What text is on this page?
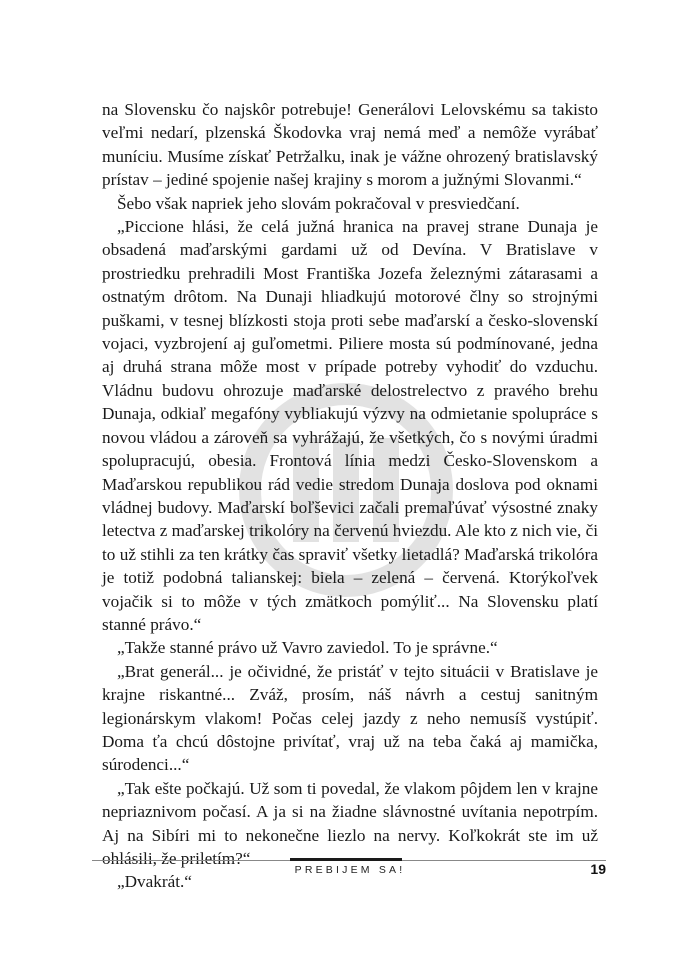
na Slovensku čo najskôr potrebuje! Generálovi Lelovskému sa takisto veľmi nedarí, plzenská Škodovka vraj nemá meď a nemôže vyrábať muníciu. Musíme získať Petržalku, inak je vážne ohrozený bratislavský prístav – jediné spojenie našej krajiny s morom a južnými Slovanmi.“

Šebo však napriek jeho slovám pokračoval v presviedčaní.

„Piccione hlási, že celá južná hranica na pravej strane Dunaja je obsadená maďarskými gardami už od Devína. V Bratislave v prostriedku prehradili Most Františka Jozefa železnými zátarasami a ostnatým drôtom. Na Dunaji hliadkujú motorové člny so strojnými puškami, v tesnej blízkosti stoja proti sebe maďarskí a česko-slovenskí vojaci, vyzbrojení aj guľometmi. Piliere mosta sú podmínované, jedna aj druhá strana môže most v prípade potreby vyhodiť do vzduchu. Vládnu budovu ohrozuje maďarské delostrelectvo z pravého brehu Dunaja, odkiaľ megafóny vybliakujú výzvy na odmietanie spolupráce s novou vládou a zároveň sa vyhrážajú, že všetkých, čo s novými úradmi spolupracujú, obesia. Frontová línia medzi Česko-Slovenskom a Maďarskou republikou rád vedie stredom Dunaja doslova pod oknami vládnej budovy. Maďarskí boľševici začali premaľúvať výsostné znaky letectva z maďarskej trikolóry na červenú hviezdu. Ale kto z nich vie, či to už stihli za ten krátky čas spraviť všetky lietadlá? Maďarská trikolóra je totiž podobná talianskej: biela – zelená – červená. Ktorýkoľvek vojačik si to môže v tých zmätkoch pomýliť... Na Slovensku platí stanné právo.“

„Takže stanné právo už Vavro zaviedol. To je správne.“

„Brat generál... je očividné, že pristáť v tejto situácii v Bratislave je krajne riskantné... Zváž, prosím, náš návrh a cestuj sanitným legionárskym vlakom! Počas celej jazdy z neho nemusíš vystúpiť. Doma ťa chcú dôstojne privítať, vraj už na teba čaká aj mamička, súrodenci...“

„Tak ešte počkajú. Už som ti povedal, že vlakom pôjdem len v krajne nepriaznivom počasí. A ja si na žiadne slávnostné uvítania nepotrpím. Aj na Sibíri mi to nekonečne liezlo na nervy. Koľkokrát ste im už ohlásili, že priletím?“

„Dvakrát.“

PREBIJEM SA!	19
